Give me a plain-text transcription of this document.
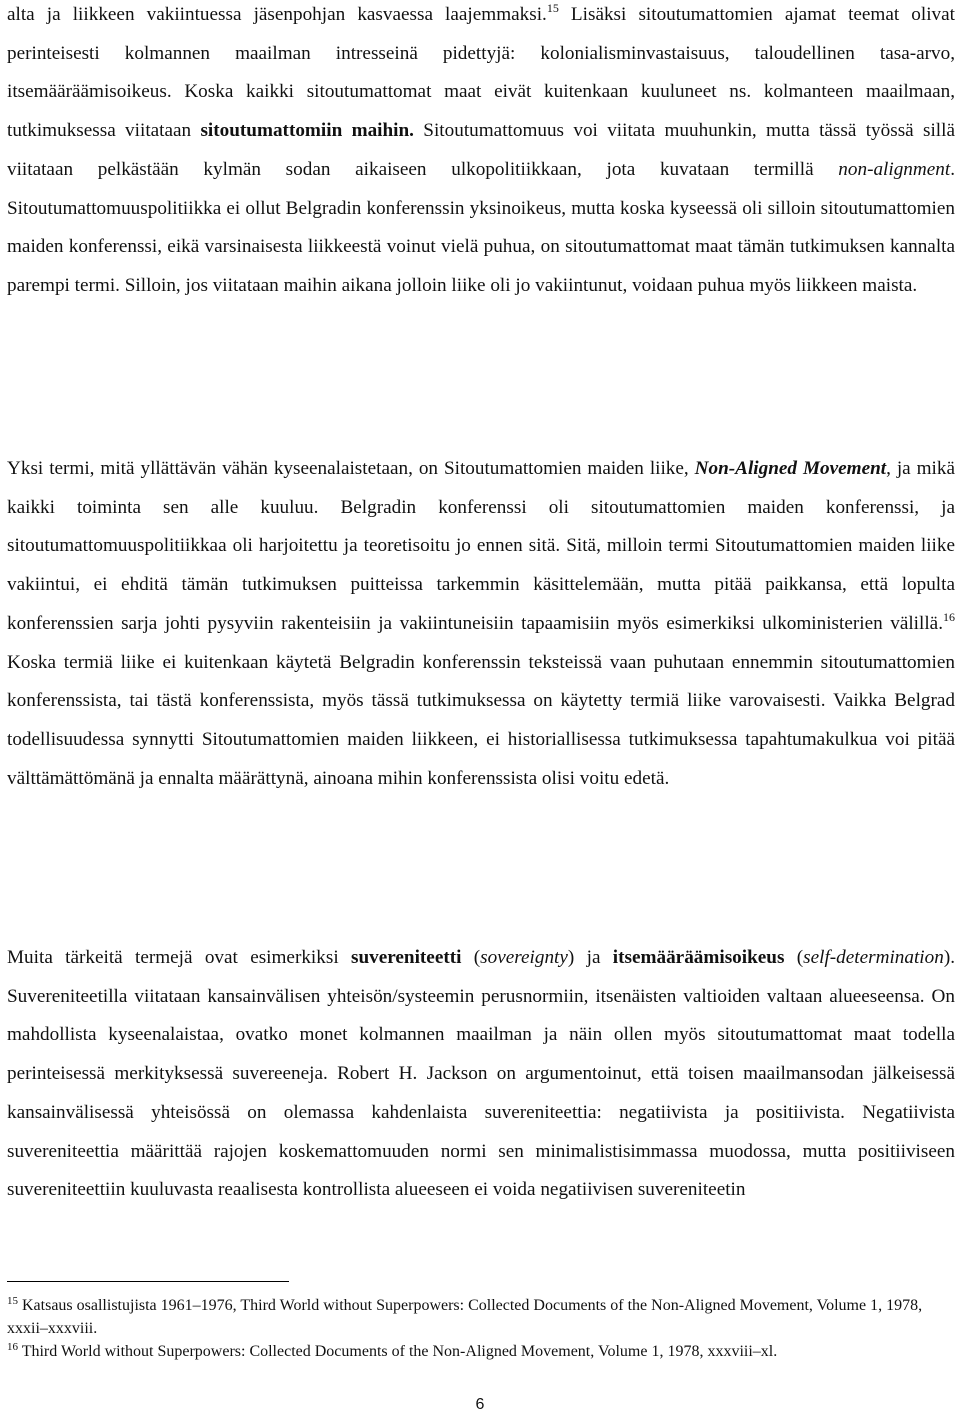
alta ja liikkeen vakiintuessa jäsenpohjan kasvaessa laajemmaksi.$^{15}$ Lisäksi sitoutumattomien ajamat teemat olivat perinteisesti kolmannen maailman intresseinä pidettyjä: kolonialisminvastaisuus, taloudellinen tasa-arvo, itsemääräämisoikeus. Koska kaikki sitoutumattomat maat eivät kuitenkaan kuuluneet ns. kolmanteen maailmaan, tutkimuksessa viitataan sitoutumattomiin maihin. Sitoutumattomuus voi viitata muuhunkin, mutta tässä työssä sillä viitataan pelkästään kylmän sodan aikaiseen ulkopolitiikkaan, jota kuvataan termillä non-alignment. Sitoutumattomuuspolitiikka ei ollut Belgradin konferenssin yksinoikeus, mutta koska kyseessä oli silloin sitoutumattomien maiden konferenssi, eikä varsinaisesta liikkeestä voinut vielä puhua, on sitoutumattomat maat tämän tutkimuksen kannalta parempi termi. Silloin, jos viitataan maihin aikana jolloin liike oli jo vakiintunut, voidaan puhua myös liikkeen maista.

Yksi termi, mitä yllättävän vähän kyseenalaistetaan, on Sitoutumattomien maiden liike, Non-Aligned Movement, ja mikä kaikki toiminta sen alle kuuluu. Belgradin konferenssi oli sitoutumattomien maiden konferenssi, ja sitoutumattomuuspolitiikkaa oli harjoitettu ja teoretisoitu jo ennen sitä. Sitä, milloin termi Sitoutumattomien maiden liike vakiintui, ei ehditä tämän tutkimuksen puitteissa tarkemmin käsittelemään, mutta pitää paikkansa, että lopulta konferenssien sarja johti pysyviin rakenteisiin ja vakiintuneisiin tapaamisiin myös esimerkiksi ulkoministerien välillä.$^{16}$ Koska termiä liike ei kuitenkaan käytetä Belgradin konferenssin teksteissä vaan puhutaan ennemmin sitoutumattomien konferenssista, tai tästä konferenssista, myös tässä tutkimuksessa on käytetty termiä liike varovaisesti. Vaikka Belgrad todellisuudessa synnytti Sitoutumattomien maiden liikkeen, ei historiallisessa tutkimuksessa tapahtumakulkua voi pitää välttämättömänä ja ennalta määrättynä, ainoana mihin konferenssista olisi voitu edetä.

Muita tärkeitä termejä ovat esimerkiksi suvereniteetti (sovereignty) ja itsemääräämisoikeus (self-determination). Suvereniteetilla viitataan kansainvälisen yhteisön/systeemin perusnormiin, itsenäisten valtioiden valtaan alueeseensa. On mahdollista kyseenalaistaa, ovatko monet kolmannen maailman ja näin ollen myös sitoutumattomat maat todella perinteisessä merkityksessä suvereeneja. Robert H. Jackson on argumentoinut, että toisen maailmansodan jälkeisessä kansainvälisessä yhteisössä on olemassa kahdenlaista suvereniteettia: negatiivista ja positiivista. Negatiivista suvereniteettia määrittää rajojen koskemattomuuden normi sen minimalistisimmassa muodossa, mutta positiiviseen suvereniteettiin kuuluvasta reaalisesta kontrollista alueeseen ei voida negatiivisen suvereniteetin

$^{15}$ Katsaus osallistujista 1961–1976, Third World without Superpowers: Collected Documents of the Non-Aligned Movement, Volume 1, 1978, xxxii–xxxviii.

$^{16}$ Third World without Superpowers: Collected Documents of the Non-Aligned Movement, Volume 1, 1978, xxxviii–xl.

6
